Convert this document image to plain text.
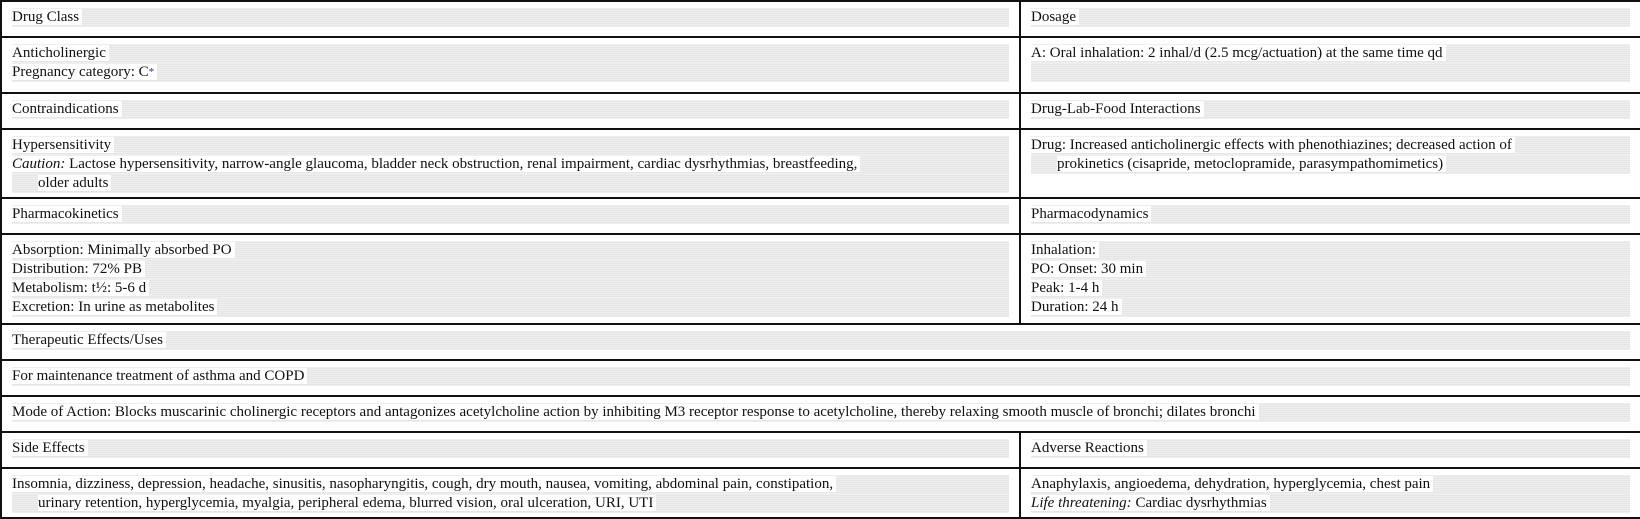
Drug Class	Dosage

Anticholinergic
Pregnancy category: C*	A: Oral inhalation: 2 inhal/d (2.5 mcg/actuation) at the same time qd

Contraindications	Drug-Lab-Food Interactions

Hypersensitivity
Caution: Lactose hypersensitivity, narrow-angle glaucoma, bladder neck obstruction, renal impairment, cardiac dysrhythmias, breastfeeding,
older adults	Drug: Increased anticholinergic effects with phenothiazines; decreased action of
prokinetics (cisapride, metoclopramide, parasympathomimetics)

Pharmacokinetics	Pharmacodynamics

Absorption: Minimally absorbed PO
Distribution: 72% PB
Metabolism: t½: 5-6 d
Excretion: In urine as metabolites	Inhalation:
PO: Onset: 30 min
Peak: 1-4 h
Duration: 24 h

Therapeutic Effects/Uses	

For maintenance treatment of asthma and COPD	

Mode of Action: Blocks muscarinic cholinergic receptors and antagonizes acetylcholine action by inhibiting M3 receptor response to acetylcholine, thereby relaxing smooth muscle of bronchi; dilates bronchi	

Side Effects	Adverse Reactions

Insomnia, dizziness, depression, headache, sinusitis, nasopharyngitis, cough, dry mouth, nausea, vomiting, abdominal pain, constipation,
urinary retention, hyperglycemia, myalgia, peripheral edema, blurred vision, oral ulceration, URI, UTI	Anaphylaxis, angioedema, dehydration, hyperglycemia, chest pain
Life threatening: Cardiac dysrhythmias
